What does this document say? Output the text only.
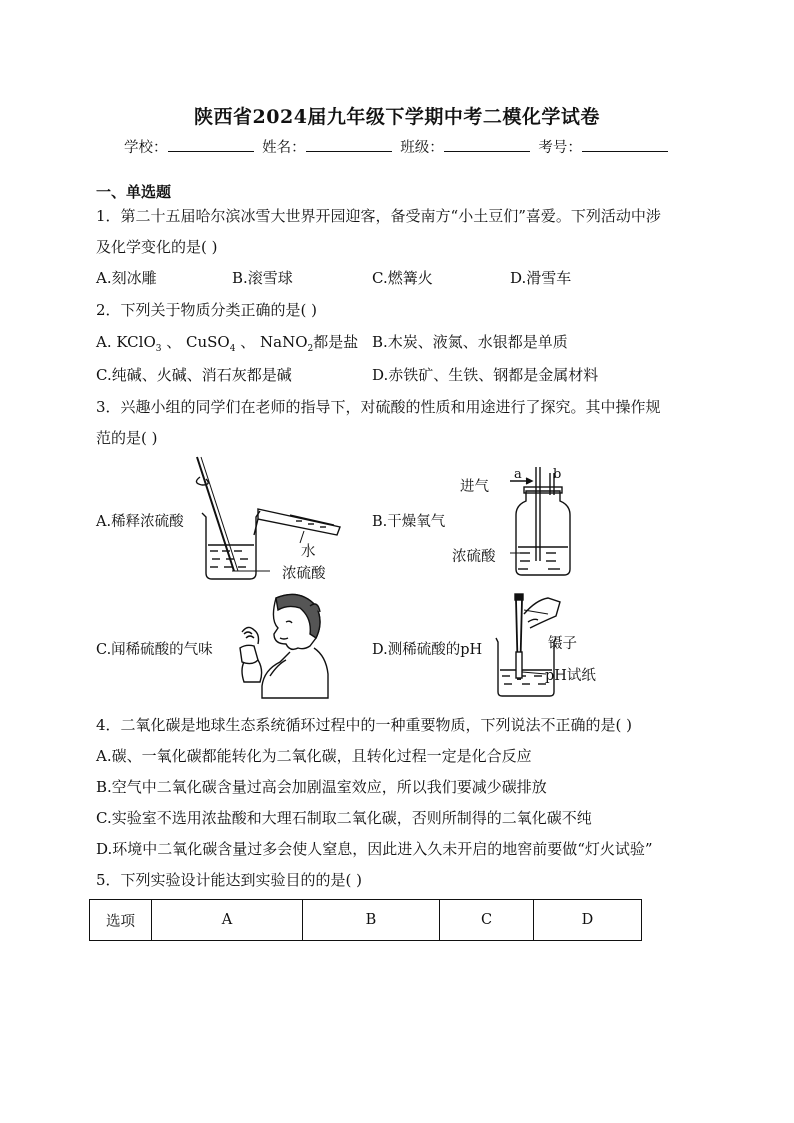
陕西省2024届九年级下学期中考二模化学试卷
学校：	姓名：	班级：	考号：
一、单选题
1．第二十五届哈尔滨冰雪大世界开园迎客，备受南方“小土豆们”喜爱。下列活动中涉
及化学变化的是( )
A.刻冰雕	B.滚雪球	C.燃篝火	D.滑雪车
2．下列关于物质分类正确的是( )
A. KClO$_3$ 、 CuSO$_4$ 、 NaNO$_2$都是盐 B.木炭、液氮、水银都是单质
C.纯碱、火碱、消石灰都是碱	D.赤铁矿、生铁、钢都是金属材料
3．兴趣小组的同学们在老师的指导下，对硫酸的性质和用途进行了探究。其中操作规
范的是( )
A.稀释浓硫酸	B.干燥氧气
C.闻稀硫酸的气味	D.测稀硫酸的pH
水
浓硫酸
进气
a b
浓硫酸
镊子
pH试纸
4．二氧化碳是地球生态系统循环过程中的一种重要物质，下列说法不正确的是( )
A.碳、一氧化碳都能转化为二氧化碳，且转化过程一定是化合反应
B.空气中二氧化碳含量过高会加剧温室效应，所以我们要减少碳排放
C.实验室不选用浓盐酸和大理石制取二氧化碳，否则所制得的二氧化碳不纯
D.环境中二氧化碳含量过多会使人窒息，因此进入久未开启的地窖前要做“灯火试验”
5．下列实验设计能达到实验目的的是( )
选项	A	B	C	D
